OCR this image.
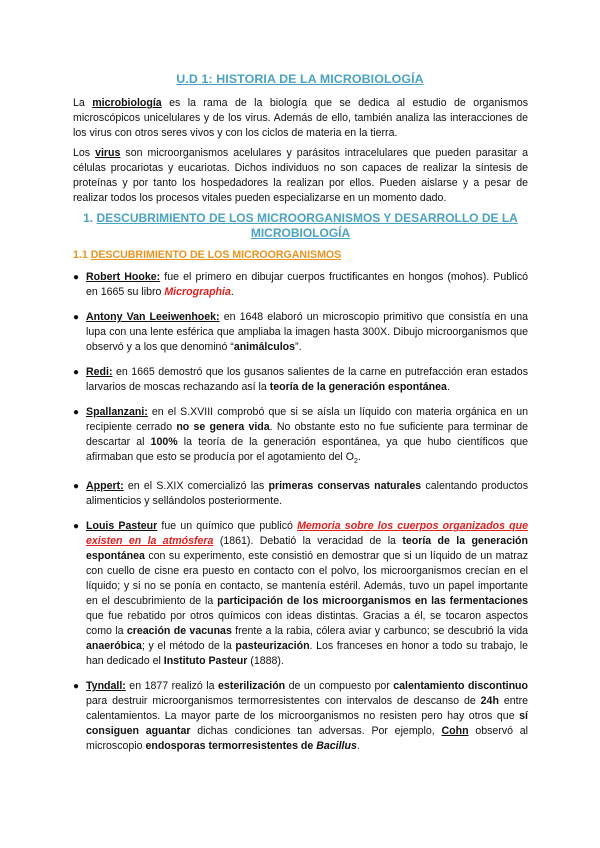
U.D 1: HISTORIA DE LA MICROBIOLOGÍA

La microbiología es la rama de la biología que se dedica al estudio de organismos microscópicos unicelulares y de los virus. Además de ello, también analiza las interacciones de los virus con otros seres vivos y con los ciclos de materia en la tierra.

Los virus son microorganismos acelulares y parásitos intracelulares que pueden parasitar a células procariotas y eucariotas. Dichos individuos no son capaces de realizar la síntesis de proteínas y por tanto los hospedadores la realizan por ellos. Pueden aislarse y a pesar de realizar todos los procesos vitales pueden especializarse en un momento dado.

1. DESCUBRIMIENTO DE LOS MICROORGANISMOS Y DESARROLLO DE LA MICROBIOLOGÍA
1.1 DESCUBRIMIENTO DE LOS MICROORGANISMOS
● Robert Hooke: fue el primero en dibujar cuerpos fructificantes en hongos (mohos). Publicó en 1665 su libro Micrographia.
● Antony Van Leeiwenhoek: en 1648 elaboró un microscopio primitivo que consistía en una lupa con una lente esférica que ampliaba la imagen hasta 300X. Dibujo microorganismos que observó y a los que denominó “animálculos”.
● Redi: en 1665 demostró que los gusanos salientes de la carne en putrefacción eran estados larvarios de moscas rechazando así la teoría de la generación espontánea.
● Spallanzani: en el S.XVIII comprobó que si se aísla un líquido con materia orgánica en un recipiente cerrado no se genera vida. No obstante esto no fue suficiente para terminar de descartar al 100% la teoría de la generación espontánea, ya que hubo científicos que afirmaban que esto se producía por el agotamiento del $O_2$.
● Appert: en el S.XIX comercializó las primeras conservas naturales calentando productos alimenticios y sellándolos posteriormente.
● Louis Pasteur fue un químico que publicó Memoria sobre los cuerpos organizados que existen en la atmósfera (1861). Debatió la veracidad de la teoría de la generación espontánea con su experimento, este consistió en demostrar que si un líquido de un matraz con cuello de cisne era puesto en contacto con el polvo, los microorganismos crecían en el líquido; y si no se ponía en contacto, se mantenía estéril. Además, tuvo un papel importante en el descubrimiento de la participación de los microorganismos en las fermentaciones que fue rebatido por otros químicos con ideas distintas. Gracias a él, se tocaron aspectos como la creación de vacunas frente a la rabia, cólera aviar y carbunco; se descubrió la vida anaeróbica; y el método de la pasteurización. Los franceses en honor a todo su trabajo, le han dedicado el Instituto Pasteur (1888).
● Tyndall: en 1877 realizó la esterilización de un compuesto por calentamiento discontinuo para destruir microorganismos termorresistentes con intervalos de descanso de 24h entre calentamientos. La mayor parte de los microorganismos no resisten pero hay otros que sí consiguen aguantar dichas condiciones tan adversas. Por ejemplo, Cohn observó al microscopio endosporas termorresistentes de Bacillus.
